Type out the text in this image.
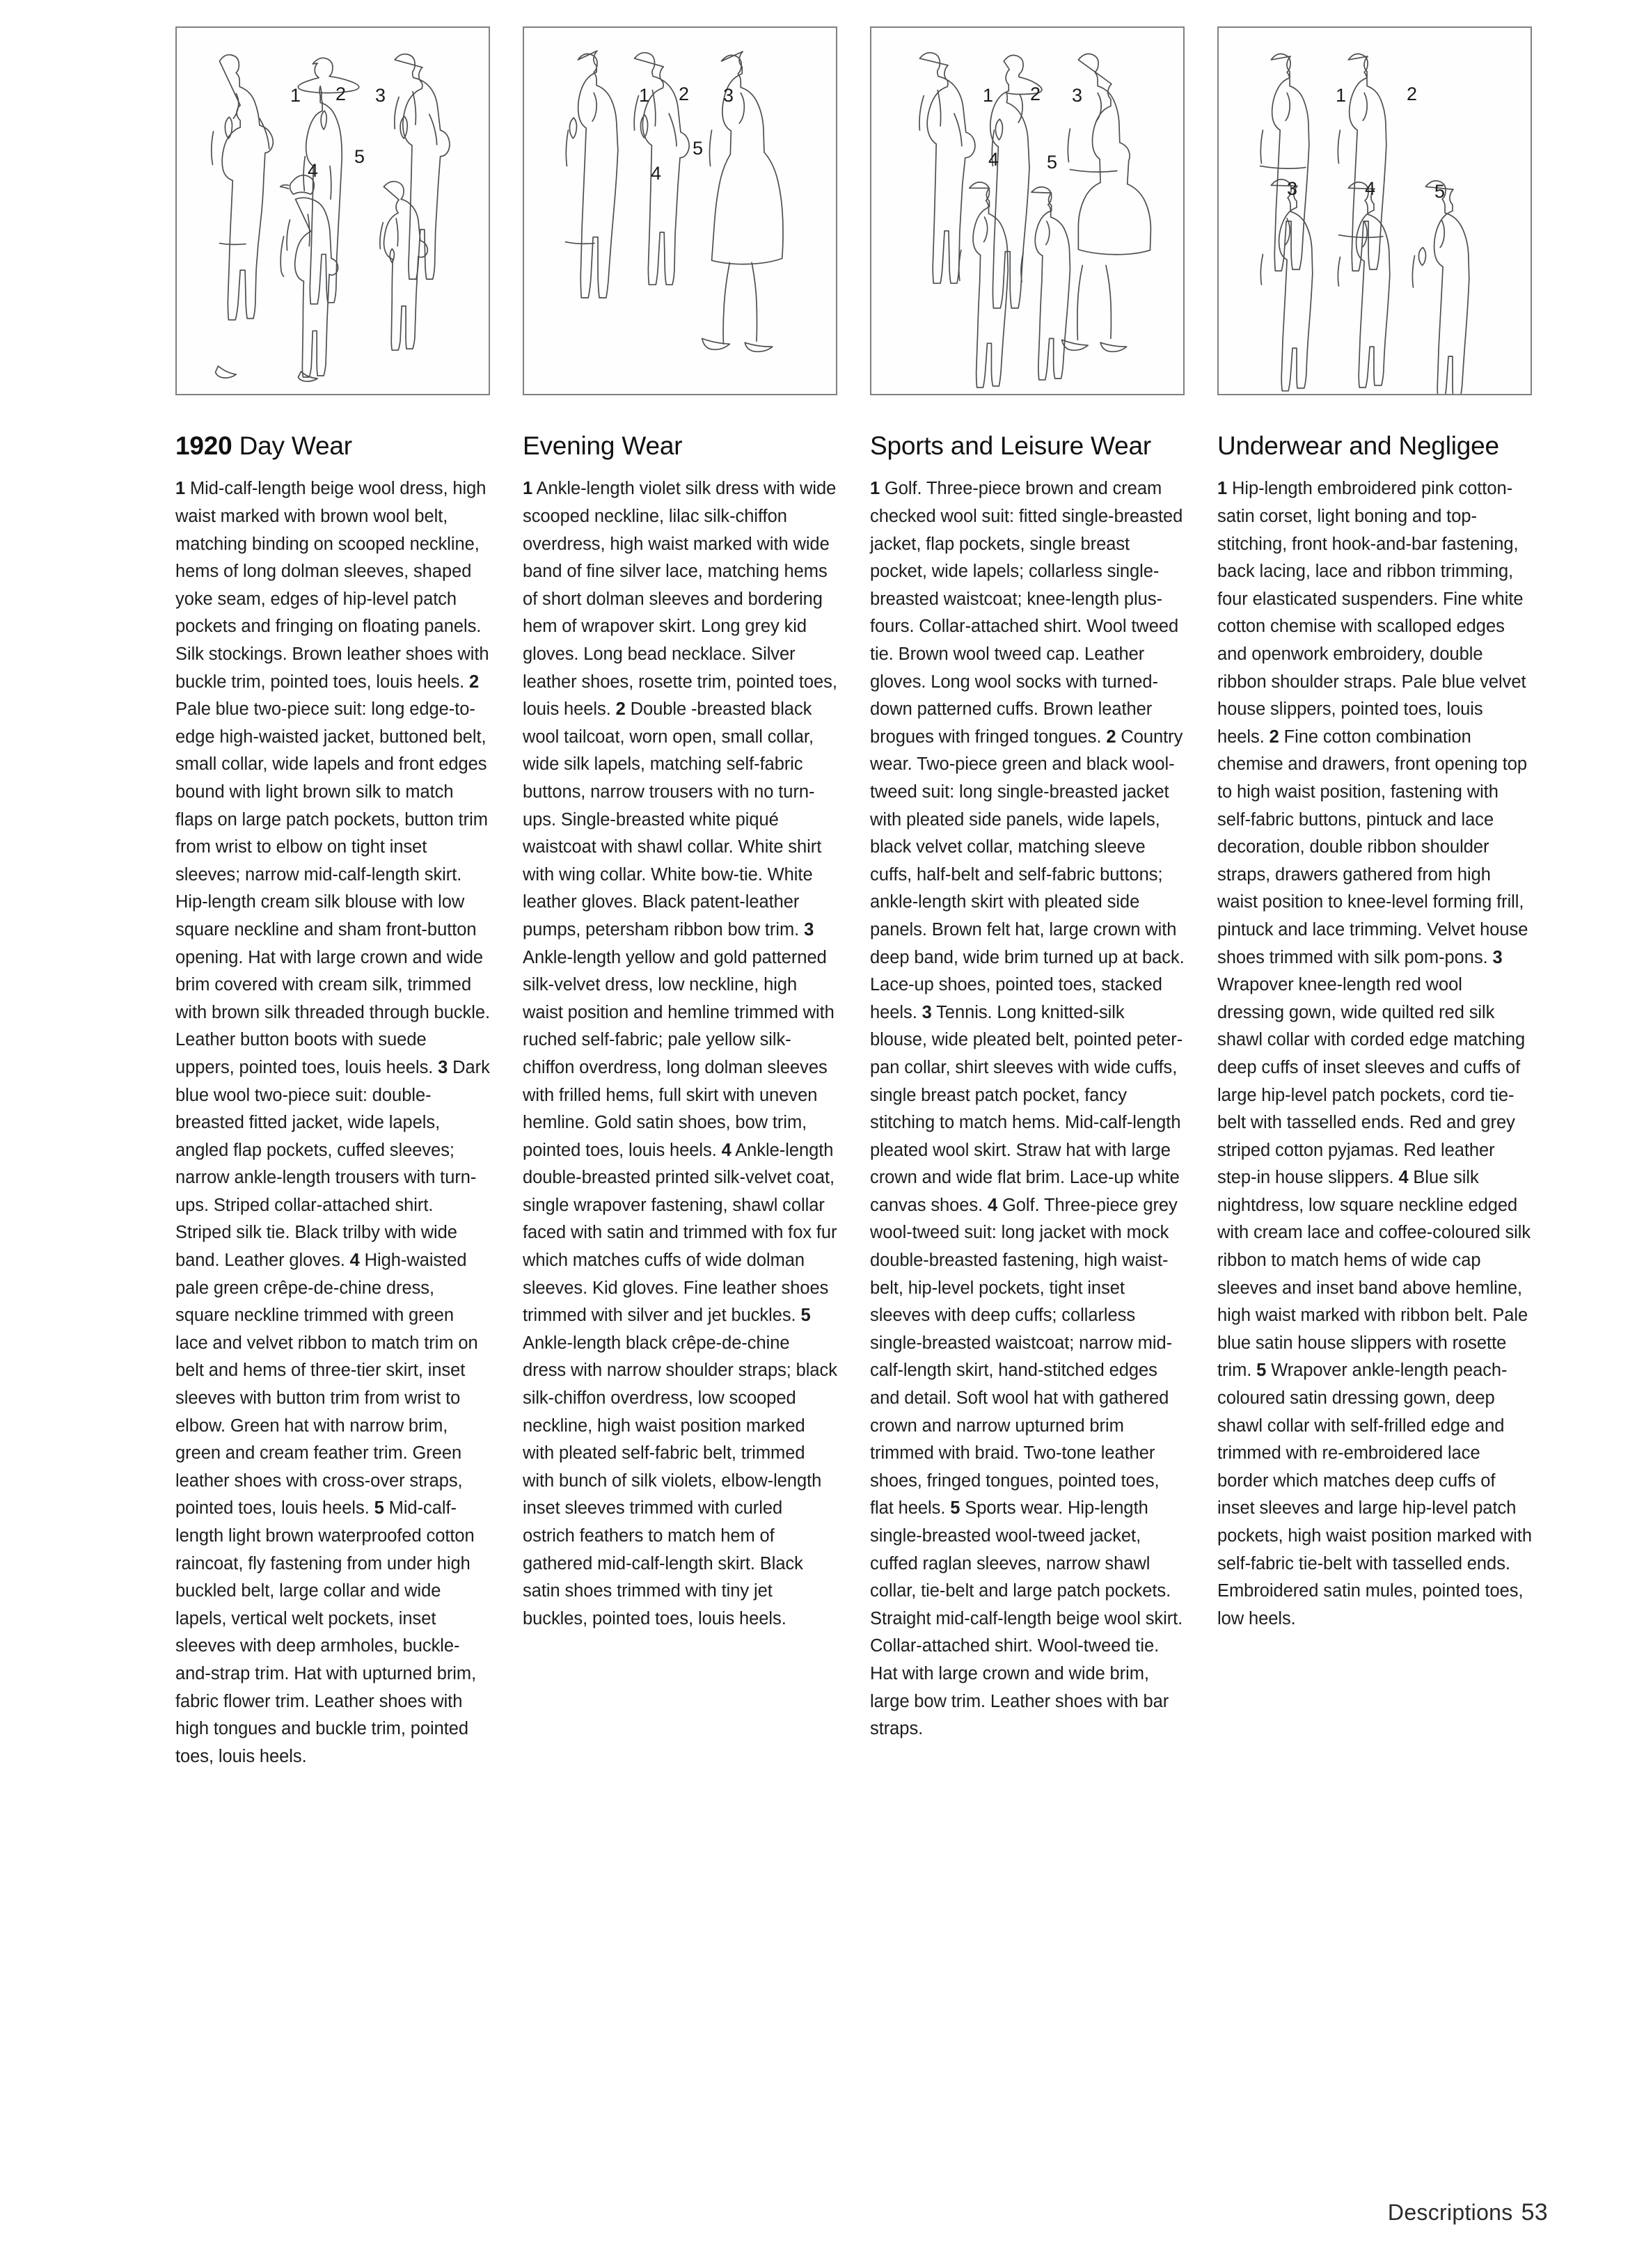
1 2 3
4
5
1 2 3
4
5
1 2 3
4	5
1	2
3	4	5
1920 Day Wear
1 Mid-calf-length beige wool dress, high waist marked with brown wool belt, matching binding on scooped neckline, hems of long dolman sleeves, shaped yoke seam, edges of hip-level patch pockets and fringing on floating panels. Silk stockings. Brown leather shoes with buckle trim, pointed toes, louis heels. 2 Pale blue two-piece suit: long edge-to-edge high-waisted jacket, buttoned belt, small collar, wide lapels and front edges bound with light brown silk to match flaps on large patch pockets, button trim from wrist to elbow on tight inset sleeves; narrow mid-calf-length skirt. Hip-length cream silk blouse with low square neckline and sham front-button opening. Hat with large crown and wide brim covered with cream silk, trimmed with brown silk threaded through buckle. Leather button boots with suede uppers, pointed toes, louis heels. 3 Dark blue wool two-piece suit: double-breasted fitted jacket, wide lapels, angled flap pockets, cuffed sleeves; narrow ankle-length trousers with turn-ups. Striped collar-attached shirt. Striped silk tie. Black trilby with wide band. Leather gloves. 4 High-waisted pale green crêpe-de-chine dress, square neckline trimmed with green lace and velvet ribbon to match trim on belt and hems of three-tier skirt, inset sleeves with button trim from wrist to elbow. Green hat with narrow brim, green and cream feather trim. Green leather shoes with cross-over straps, pointed toes, louis heels. 5 Mid-calf-length light brown waterproofed cotton raincoat, fly fastening from under high buckled belt, large collar and wide lapels, vertical welt pockets, inset sleeves with deep armholes, buckle-and-strap trim. Hat with upturned brim, fabric flower trim. Leather shoes with high tongues and buckle trim, pointed toes, louis heels.
Evening Wear
1 Ankle-length violet silk dress with wide scooped neckline, lilac silk-chiffon overdress, high waist marked with wide band of fine silver lace, matching hems of short dolman sleeves and bordering hem of wrapover skirt. Long grey kid gloves. Long bead necklace. Silver leather shoes, rosette trim, pointed toes, louis heels. 2 Double -breasted black wool tailcoat, worn open, small collar, wide silk lapels, matching self-fabric buttons, narrow trousers with no turn-ups. Single-breasted white piqué waistcoat with shawl collar. White shirt with wing collar. White bow-tie. White leather gloves. Black patent-leather pumps, petersham ribbon bow trim. 3 Ankle-length yellow and gold patterned silk-velvet dress, low neckline, high waist position and hemline trimmed with ruched self-fabric; pale yellow silk-chiffon overdress, long dolman sleeves with frilled hems, full skirt with uneven hemline. Gold satin shoes, bow trim, pointed toes, louis heels. 4 Ankle-length double-breasted printed silk-velvet coat, single wrapover fastening, shawl collar faced with satin and trimmed with fox fur which matches cuffs of wide dolman sleeves. Kid gloves. Fine leather shoes trimmed with silver and jet buckles. 5 Ankle-length black crêpe-de-chine dress with narrow shoulder straps; black silk-chiffon overdress, low scooped neckline, high waist position marked with pleated self-fabric belt, trimmed with bunch of silk violets, elbow-length inset sleeves trimmed with curled ostrich feathers to match hem of gathered mid-calf-length skirt. Black satin shoes trimmed with tiny jet buckles, pointed toes, louis heels.
Sports and Leisure Wear
1 Golf. Three-piece brown and cream checked wool suit: fitted single-breasted jacket, flap pockets, single breast pocket, wide lapels; collarless single-breasted waistcoat; knee-length plus-fours. Collar-attached shirt. Wool tweed tie. Brown wool tweed cap. Leather gloves. Long wool socks with turned-down patterned cuffs. Brown leather brogues with fringed tongues. 2 Country wear. Two-piece green and black wool-tweed suit: long single-breasted jacket with pleated side panels, wide lapels, black velvet collar, matching sleeve cuffs, half-belt and self-fabric buttons; ankle-length skirt with pleated side panels. Brown felt hat, large crown with deep band, wide brim turned up at back. Lace-up shoes, pointed toes, stacked heels. 3 Tennis. Long knitted-silk blouse, wide pleated belt, pointed peter-pan collar, shirt sleeves with wide cuffs, single breast patch pocket, fancy stitching to match hems. Mid-calf-length pleated wool skirt. Straw hat with large crown and wide flat brim. Lace-up white canvas shoes. 4 Golf. Three-piece grey wool-tweed suit: long jacket with mock double-breasted fastening, high waist-belt, hip-level pockets, tight inset sleeves with deep cuffs; collarless single-breasted waistcoat; narrow mid-calf-length skirt, hand-stitched edges and detail. Soft wool hat with gathered crown and narrow upturned brim trimmed with braid. Two-tone leather shoes, fringed tongues, pointed toes, flat heels. 5 Sports wear. Hip-length single-breasted wool-tweed jacket, cuffed raglan sleeves, narrow shawl collar, tie-belt and large patch pockets. Straight mid-calf-length beige wool skirt. Collar-attached shirt. Wool-tweed tie. Hat with large crown and wide brim, large bow trim. Leather shoes with bar straps.
Underwear and Negligee
1 Hip-length embroidered pink cotton-satin corset, light boning and top-stitching, front hook-and-bar fastening, back lacing, lace and ribbon trimming, four elasticated suspenders. Fine white cotton chemise with scalloped edges and openwork embroidery, double ribbon shoulder straps. Pale blue velvet house slippers, pointed toes, louis heels. 2 Fine cotton combination chemise and drawers, front opening top to high waist position, fastening with self-fabric buttons, pintuck and lace decoration, double ribbon shoulder straps, drawers gathered from high waist position to knee-level forming frill, pintuck and lace trimming. Velvet house shoes trimmed with silk pom-pons. 3 Wrapover knee-length red wool dressing gown, wide quilted red silk shawl collar with corded edge matching deep cuffs of inset sleeves and cuffs of large hip-level patch pockets, cord tie-belt with tasselled ends. Red and grey striped cotton pyjamas. Red leather step-in house slippers. 4 Blue silk nightdress, low square neckline edged with cream lace and coffee-coloured silk ribbon to match hems of wide cap sleeves and inset band above hemline, high waist marked with ribbon belt. Pale blue satin house slippers with rosette trim. 5 Wrapover ankle-length peach-coloured satin dressing gown, deep shawl collar with self-frilled edge and trimmed with re-embroidered lace border which matches deep cuffs of inset sleeves and large hip-level patch pockets, high waist position marked with self-fabric tie-belt with tasselled ends. Embroidered satin mules, pointed toes, low heels.
Descriptions 53
